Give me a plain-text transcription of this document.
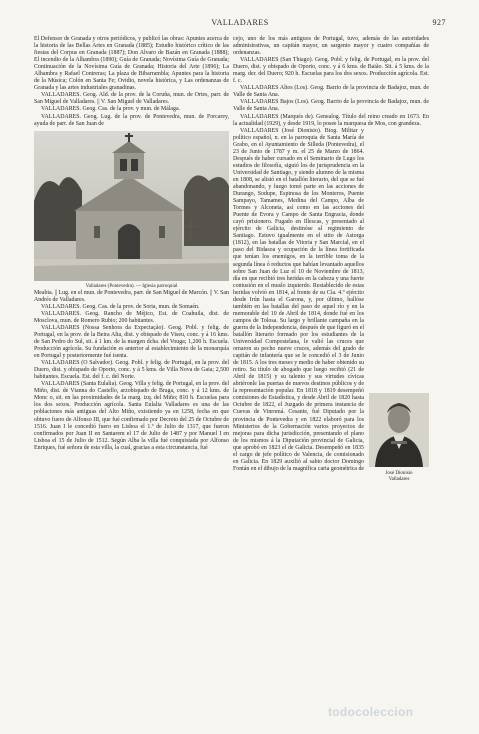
VALLADARES	927

El Defensor de Granada y otros periódicos, y publicó las obras: Apuntes acerca de la historia de las Bellas Artes en Granada (1885); Estudio histórico crítico de las fiestas del Corpus en Granada (1887); Don Alvaro de Bazán en Granada (1888); El incendio de la Alhambra (1890); Guía de Granada; Novísima Guía de Granada; Continuación de la Novísima Guía de Granada; Historia del Arte (1896); La Alhambra y Rafael Contreras; La plaza de Bibarrambla; Apuntes para la historia de la Música; Colón en Santa Fe; Ovidio, novela histórica, y Las ordenanzas de Granada y las artes industriales granadinas.

VALLADARES. Geog. Ald. de la prov. de la Coruña, mun. de Ortes, parr. de San Miguel de Valladares. || V. San Miguel de Valladares.

VALLADARES. Geog. Cas. de la prov. y mun. de Málaga.

VALLADARES. Geog. Lug. de la prov. de Pontevedra, mun. de Forcarey, ayuda de parr. de San Juan de

Valladares (Pontevedra). — Iglesia parroquial

Meabia. || Lug. en el mun. de Pontevedra, parr. de San Miguel de Marcón. || V. San Andrés de Valladares.

VALLADARES. Geog. Cas. de la prov. de Soria, mun. de Somaén.

VALLADARES. Geog. Rancho de Méjico, Est. de Coahuila, dist. de Mosclova, mun. de Romero Rubio; 200 habitantes.

VALLADARES (Nossa Senhora da Expectação). Geog. Pobl. y felig. de Portugal, en la prov. de la Beira Alta, dist. y obispado de Viseu, conc. y á 16 kms. de San Pedro do Sul, sit. á 1 km. de la margen dcha. del Vouga; 1,200 h. Escuela. Producción agrícola. Su fundación es anterior al establecimiento de la monarquía en Portugal y posteriormente fué isenta.

VALLADARES (O Salvador). Geog. Pobl. y felig. de Portugal, en la prov. del Duero, dist. y obispado de Oporto, conc. y á 5 kms. de Villa Nova de Gaia; 2,500 habitantes. Escuela. Est. del f. c. del Norte.

VALLADARES (Santa Eulalia). Geog. Villa y felig. de Portugal, en la prov. del Miño, dist. de Vianna do Castello, arzobispado de Braga, conc. y á 12 kms. de Monc o, sit. en las proximidades de la marg. izq. del Miño; 810 h. Escuelas para los dos sexos. Producción agrícola. Santa Eulalia Valladares es una de las poblaciones más antiguas del Alto Miño, existiendo ya en 1258, fecha en que obtuvo fuero de Alfonso III, que fué confirmado por Decreto del 25 de Octubre de 1516. Juan I le concedió fuero en Lisboa el 1.º de Julio de 1317, que fueron confirmados por Juan II en Santarem el 17 de Julio de 1487 y por Manuel I en Lisboa el 15 de Julio de 1512. Según Alba la villa fué conquistada por Alfonso Enriques, fué señora de esta villa, la cual, gracias a esta circunstancia, fué

cejo, uno de los más antiguos de Portugal, tuvo, además de las autoridades administrativas, un capitán mayor, un sargento mayor y cuatro compañías de ordenanzas.

VALLADARES (San Thiago). Geog. Pobl. y felig. de Portugal, en la prov. del Duero, dist. y obispado de Oporto, conc. y á 6 kms. de Baião. Sit. á 5 kms. de la marg. der. del Duero; 920 h. Escuelas para los dos sexos. Producción agrícola. Est. f. c.

VALLADARES Altos (Los). Geog. Barrio de la provincia de Badajoz, mun. de Valle de Santa Ana.

VALLADARES Bajos (Los). Geog. Barrio de la provincia de Badajoz, mun. de Valle de Santa Ana.

VALLADARES (Marqués de). Genealog. Título del reino creado en 1673. En la actualidad (1929), y desde 1919, lo posee la marquesa de Mos, con grandeza.

José Dionisio
Valladares

VALLADARES (José Dionisio). Biog. Militar y político español, n. en la parroquia de Santa María de Grabo, en el Ayuntamiento de Silleda (Pontevedra), el 23 de Junio de 1787 y m. el 25 de Marzo de 1864. Después de haber cursado en el Seminario de Lugo los estudios de filosofía, siguió los de jurisprudencia en la Universidad de Santiago, y siendo alumno de la misma en 1808, se alistó en el batallón literario, del que se fué abandonando, y luego tomó parte en las acciones de Durango, Sodupe, Espinosa de los Monteros, Puente Sampayo, Tamames, Medina del Campo, Alba de Tormes y Alconeta, así como en las acciones del Puente de Evora y Campo de Santa Engracia, donde cayó prisionero. Fugado en Illescas, y presentado al ejército de Galicia, destinóse al regimiento de Santiago. Estuvo igualmente en el sitio de Astorga (1812), en las batallas de Vitoria y San Marcial, en el paso del Bidasoa y ocupación de la línea fortificada que tenían los enemigos, en la terrible toma de la segunda línea ó reductos que habían levantado aquellos sobre San Juan de Luz el 10 de Noviembre de 1813, día en que recibió tres heridas en la cabeza y una fuerte contusión en el muslo izquierdo. Restablecido de estas heridas volvió en 1814, al frente de su Cía. 4.º ejército desde Irún hasta el Garona, y, por último, hallóse también en las batallas del paso de aquel río y en la memorable del 10 de Abril de 1814, donde fué en los campos de Tolosa. Su largo y brillante campaña en la guerra de la Independencia, después de que figuró en el batallón literario formado por los estudiantes de la Universidad Compostelana, le valió las cruces que ornaron su pecho nueve cruces, además del grado de capitán de infantería que se le concedió el 3 de Junio de 1815. A los tres meses y medio de haber obtenido su retiro. Su título de abogado que luego recibió (21 de Abril de 1815) y su talento y sus virtudes cívicas abriéronle las puertas de nuevos destinos públicos y de la representación popular. En 1818 y 1819 desempeñó comisiones de Estadística, y desde Abril de 1820 hasta Octubre de 1822, el Juzgado de primera instancia de Cuevas de Vinromá. Cesante, fué Diputado por la provincia de Pontevedra y en 1822 elaboró para los Ministerios de la Gobernación varios proyectos de mejoras para dicha jurisdicción, presentando el plano de los mismos á la Diputación provincial de Galicia, que aprobó en 1823 el de Galicia. Desempeñó en 1835 el cargo de jefe político de Valencia, de comisionado en Galicia. En 1829 auxilió al sabio doctor Domingo Fontán en el dibujo de la magnífica carta geométrica de

todocoleccion
